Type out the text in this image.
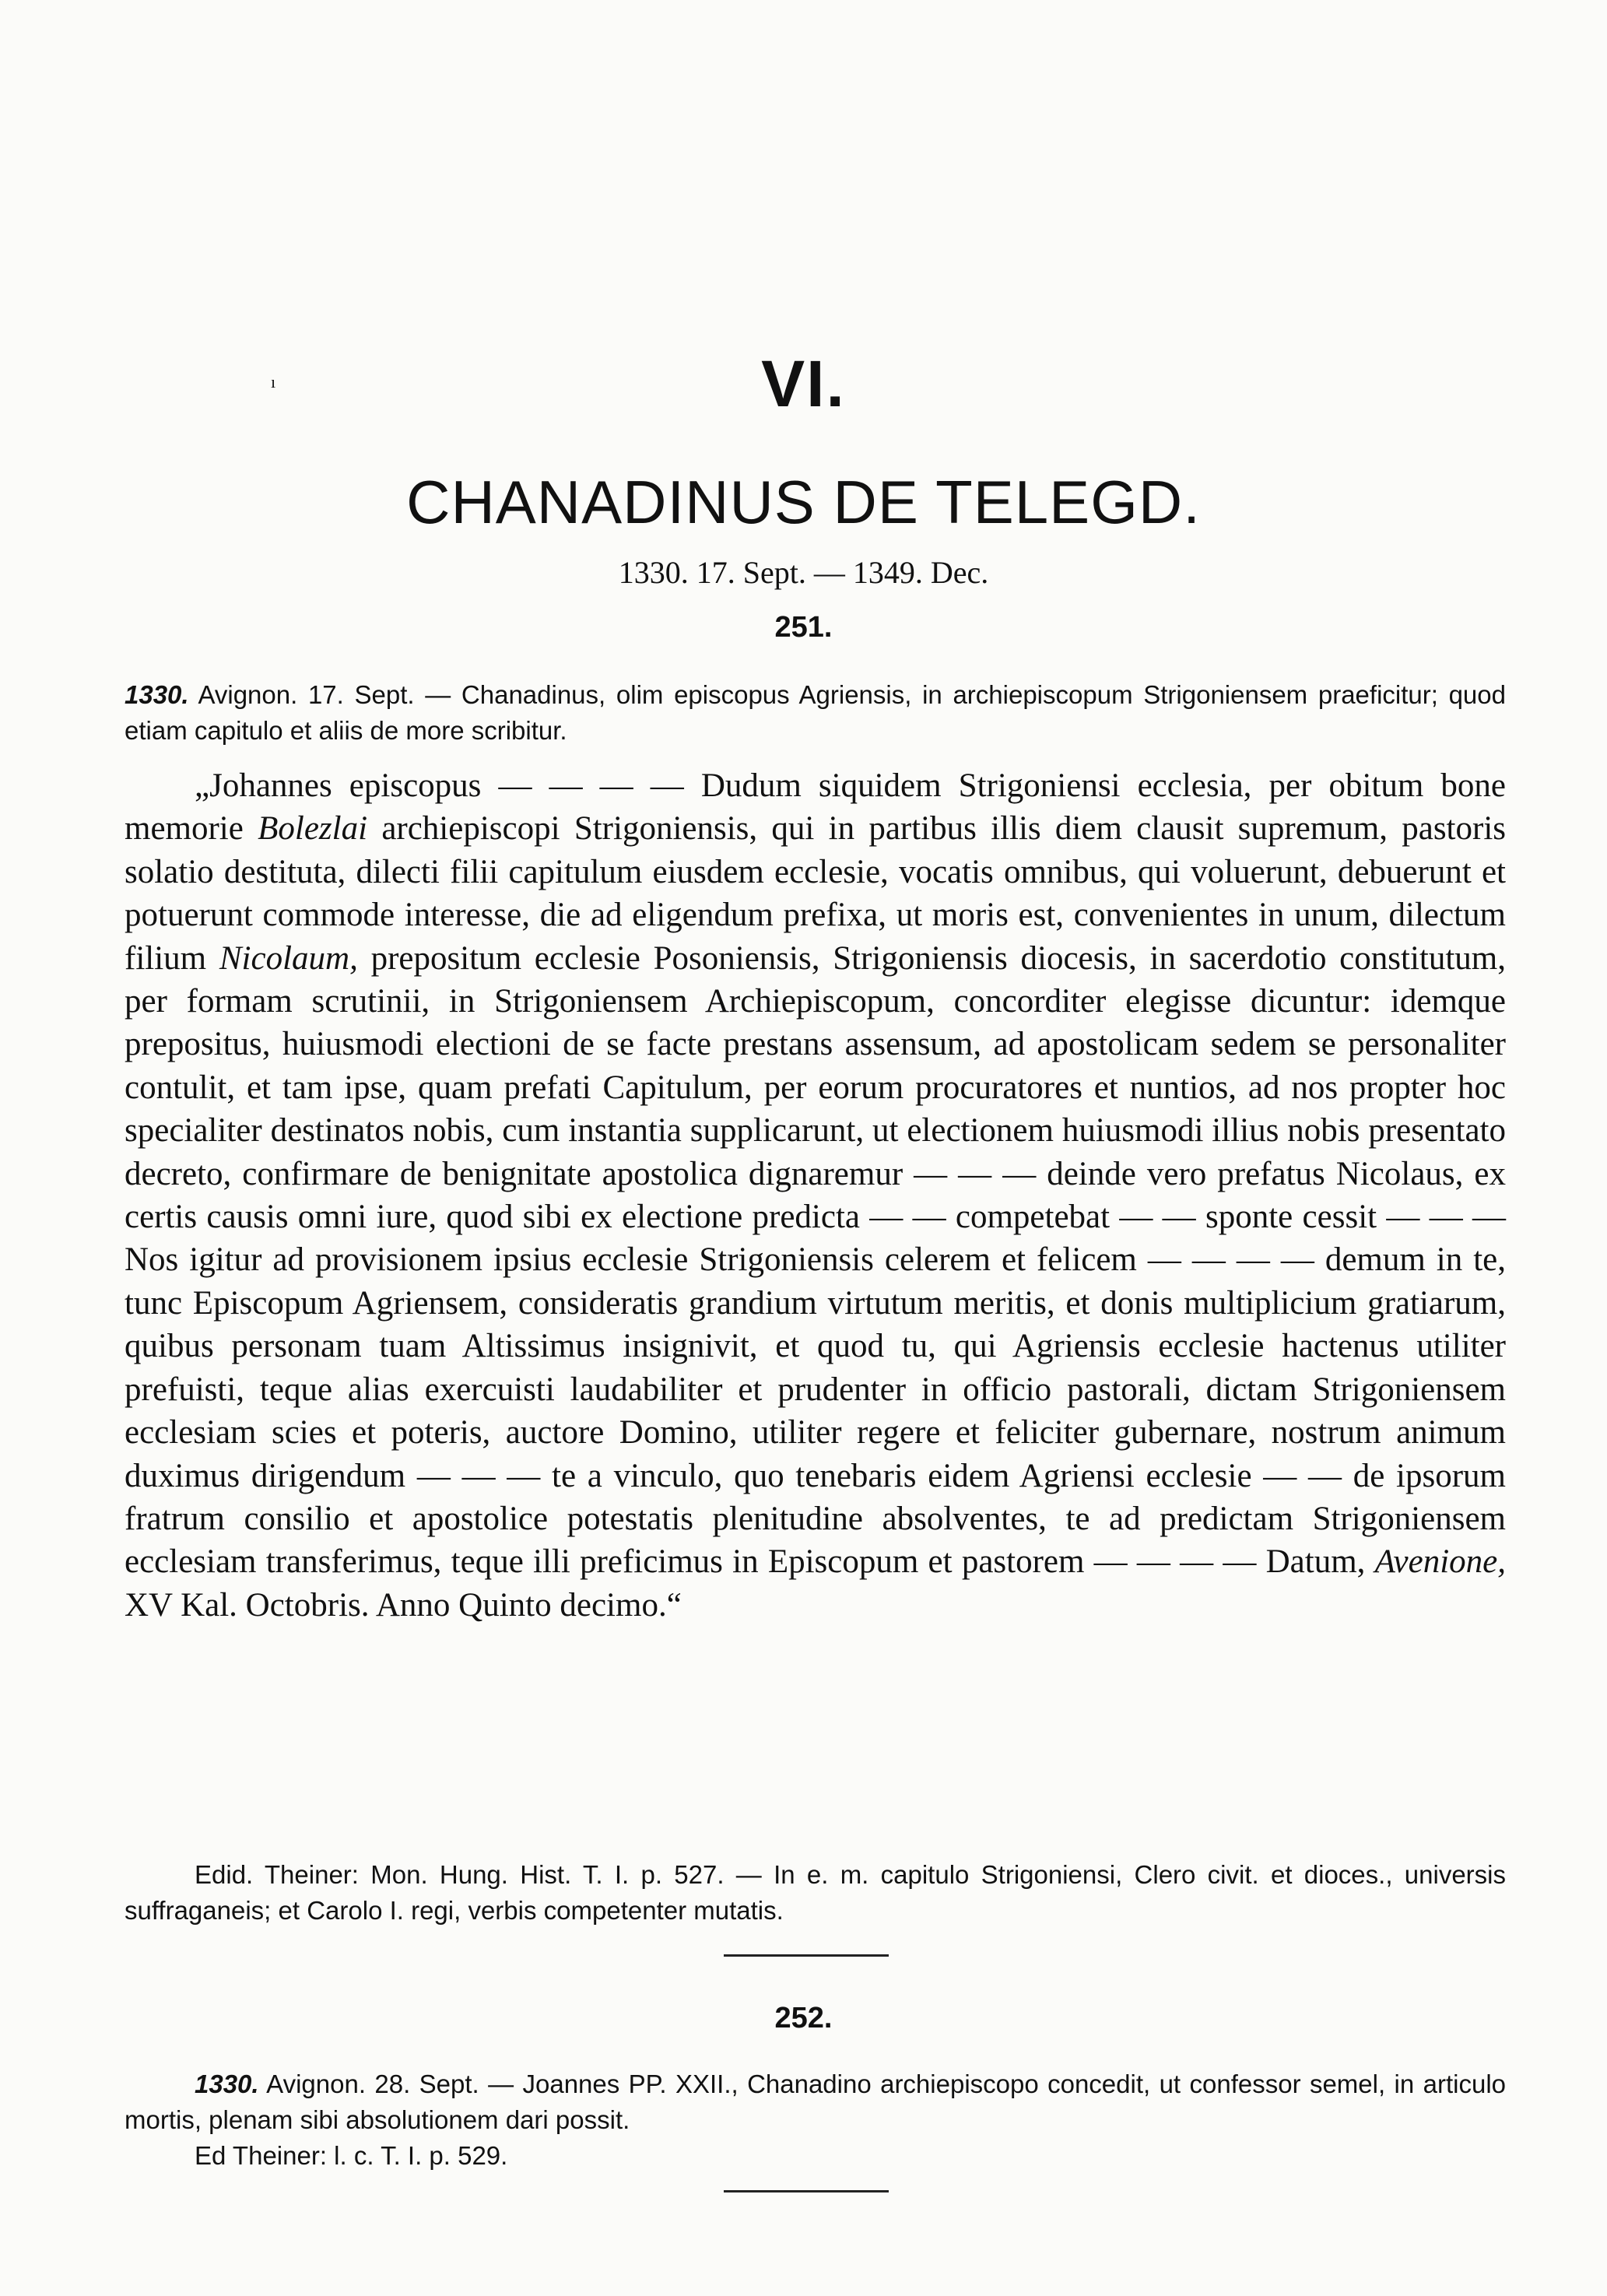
ı	VI.
CHANADINUS DE TELEGD.
1330. 17. Sept. — 1349. Dec.
251.
1330. Avignon. 17. Sept. — Chanadinus, olim episcopus Agriensis, in archiepiscopum Strigoniensem praeficitur; quod etiam capitulo et aliis de more scribitur.
„Johannes episcopus — — — — Dudum siquidem Strigoniensi ecclesia, per obitum bone memorie Bolezlai archiepiscopi Strigoniensis, qui in partibus illis diem clausit supremum, pastoris solatio destituta, dilecti filii capitulum eiusdem ecclesie, vocatis omnibus, qui voluerunt, debuerunt et potuerunt commode interesse, die ad eligendum prefixa, ut moris est, convenientes in unum, dilectum filium Nicolaum, prepositum ecclesie Posoniensis, Strigoniensis diocesis, in sacerdotio constitutum, per formam scrutinii, in Strigoniensem Archiepiscopum, concorditer elegisse dicuntur: idemque prepositus, huiusmodi electioni de se facte prestans assensum, ad apostolicam sedem se personaliter contulit, et tam ipse, quam prefati Capitulum, per eorum procuratores et nuntios, ad nos propter hoc specialiter destinatos nobis, cum instantia supplicarunt, ut electionem huiusmodi illius nobis presentato decreto, confirmare de benignitate apostolica dignaremur — — — deinde vero prefatus Nicolaus, ex certis causis omni iure, quod sibi ex electione predicta — — competebat — — sponte cessit — — — Nos igitur ad provisionem ipsius ecclesie Strigoniensis celerem et felicem — — — — demum in te, tunc Episcopum Agriensem, consideratis grandium virtutum meritis, et donis multiplicium gratiarum, quibus personam tuam Altissimus insignivit, et quod tu, qui Agriensis ecclesie hactenus utiliter prefuisti, teque alias exercuisti laudabiliter et prudenter in officio pastorali, dictam Strigoniensem ecclesiam scies et poteris, auctore Domino, utiliter regere et feliciter gubernare, nostrum animum duximus dirigendum — — — te a vinculo, quo tenebaris eidem Agriensi ecclesie — — de ipsorum fratrum consilio et apostolice potestatis plenitudine absolventes, te ad predictam Strigoniensem ecclesiam transferimus, teque illi preficimus in Episcopum et pastorem — — — — Datum, Avenione, XV Kal. Octobris. Anno Quinto decimo.“
Edid. Theiner: Mon. Hung. Hist. T. I. p. 527. — In e. m. capitulo Strigoniensi, Clero civit. et dioces., universis suffraganeis; et Carolo I. regi, verbis competenter mutatis.
252.
1330. Avignon. 28. Sept. — Joannes PP. XXII., Chanadino archiepiscopo concedit, ut confessor semel, in articulo mortis, plenam sibi absolutionem dari possit.
Ed Theiner: l. c. T. I. p. 529.
